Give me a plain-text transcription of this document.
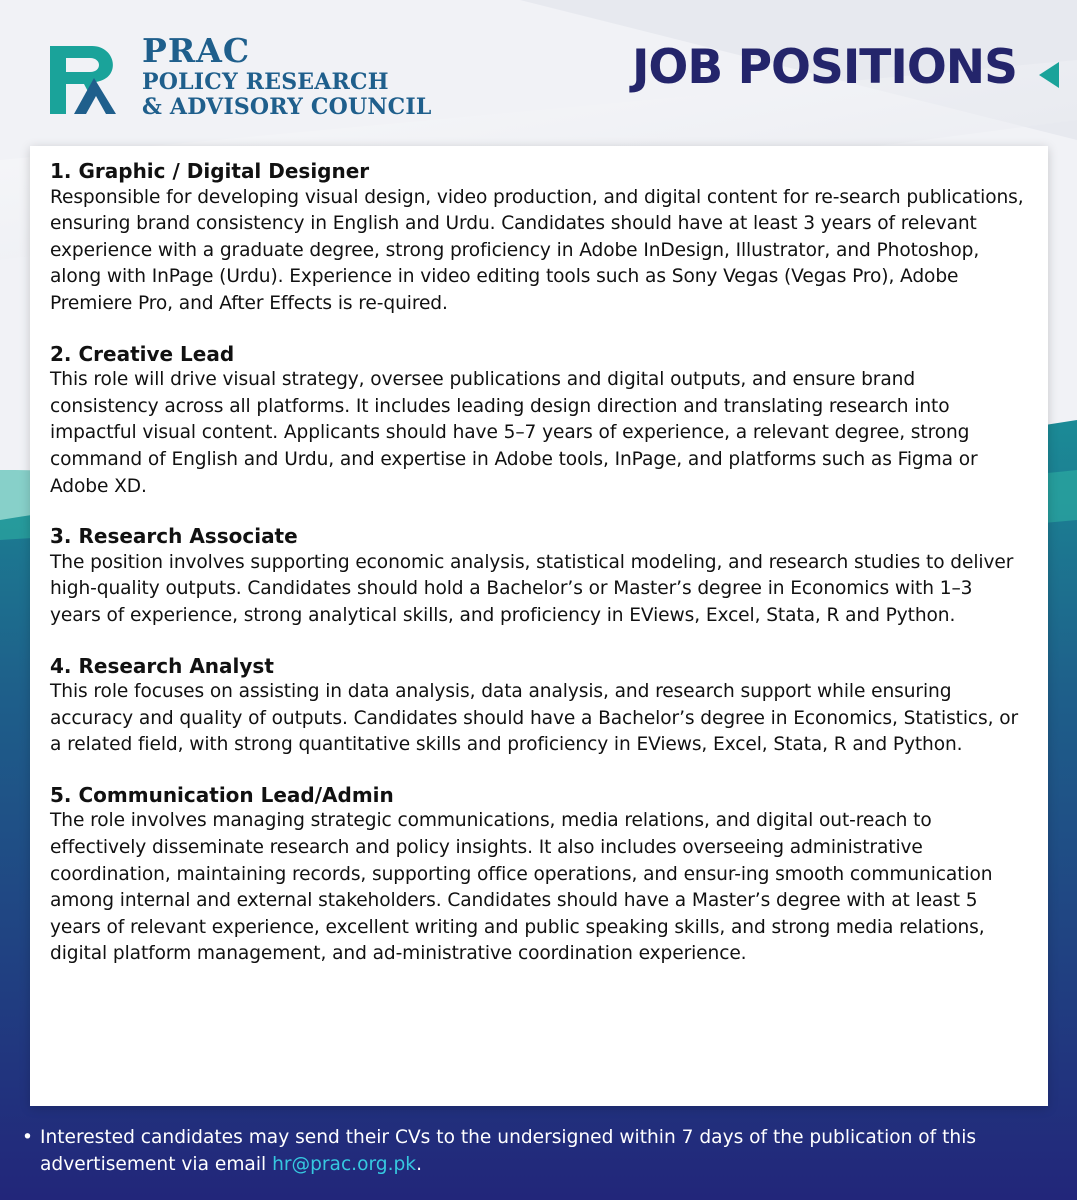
PRAC
POLICY RESEARCH
& ADVISORY COUNCIL
JOB POSITIONS

1. Graphic / Digital Designer

Responsible for developing visual design, video production, and digital content for re-search publications, ensuring brand consistency in English and Urdu. Candidates should have at least 3 years of relevant experience with a graduate degree, strong proficiency in Adobe InDesign, Illustrator, and Photoshop, along with InPage (Urdu). Experience in video editing tools such as Sony Vegas (Vegas Pro), Adobe Premiere Pro, and After Effects is re-quired.

2. Creative Lead

This role will drive visual strategy, oversee publications and digital outputs, and ensure brand consistency across all platforms. It includes leading design direction and translating research into impactful visual content. Applicants should have 5–7 years of experience, a relevant degree, strong command of English and Urdu, and expertise in Adobe tools, InPage, and platforms such as Figma or Adobe XD.

3. Research Associate

The position involves supporting economic analysis, statistical modeling, and research studies to deliver high-quality outputs. Candidates should hold a Bachelor’s or Master’s degree in Economics with 1–3 years of experience, strong analytical skills, and proficiency in EViews, Excel, Stata, R and Python.

4. Research Analyst

This role focuses on assisting in data analysis, data analysis, and research support while ensuring accuracy and quality of outputs. Candidates should have a Bachelor’s degree in Economics, Statistics, or a related field, with strong quantitative skills and proficiency in EViews, Excel, Stata, R and Python.

5. Communication Lead/Admin

The role involves managing strategic communications, media relations, and digital out-reach to effectively disseminate research and policy insights. It also includes overseeing administrative coordination, maintaining records, supporting office operations, and ensur-ing smooth communication among internal and external stakeholders. Candidates should have a Master’s degree with at least 5 years of relevant experience, excellent writing and public speaking skills, and strong media relations, digital platform management, and ad-ministrative coordination experience.

• Interested candidates may send their CVs to the undersigned within 7 days of the publication of this advertisement via email hr@prac.org.pk.
